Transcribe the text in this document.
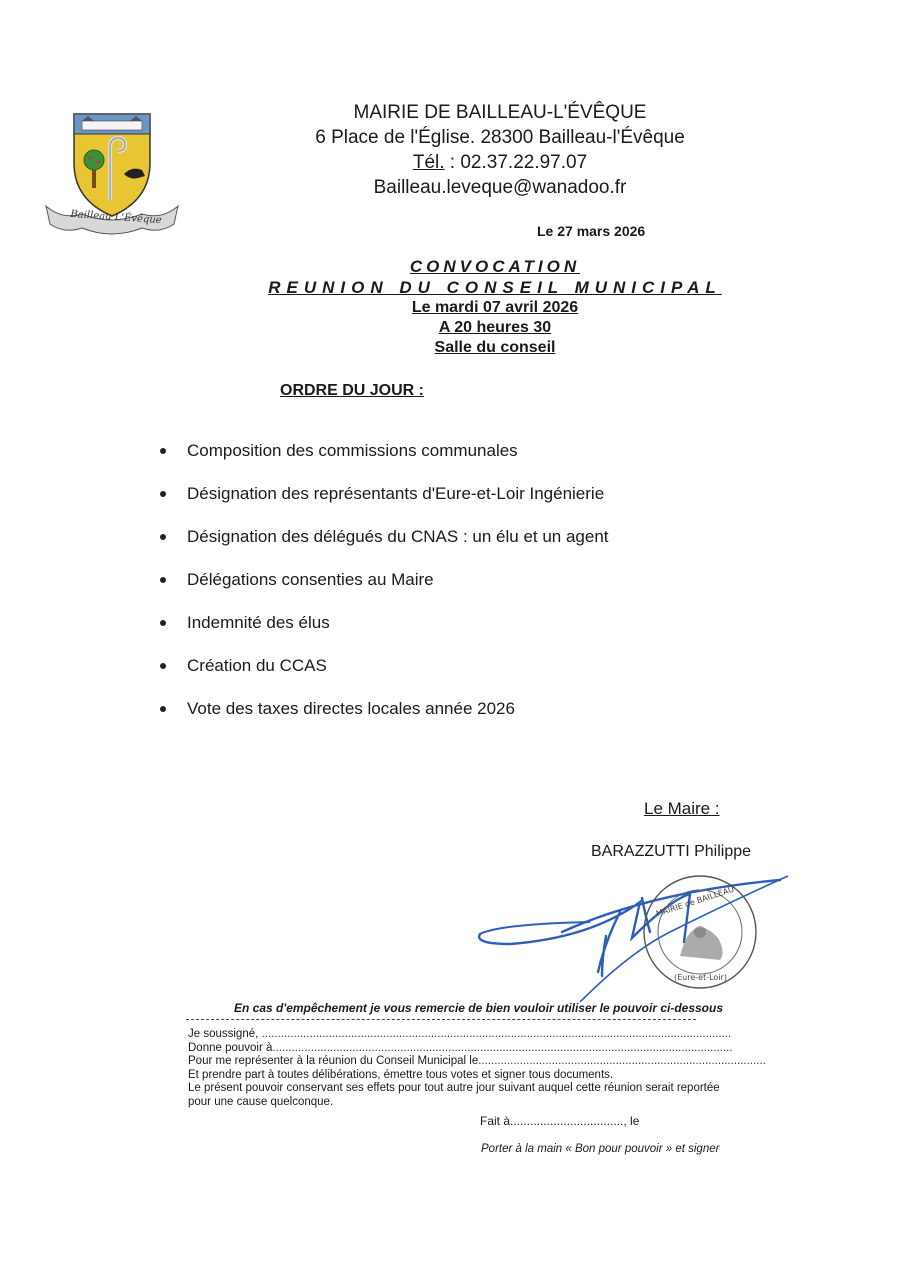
Bailleau L'Évêque
MAIRIE DE BAILLEAU-L'ÉVÊQUE
6 Place de l'Église. 28300 Bailleau-l'Évêque
Tél. : 02.37.22.97.07
Bailleau.leveque@wanadoo.fr
Le 27 mars 2026
CONVOCATION
REUNION DU CONSEIL MUNICIPAL
Le mardi 07 avril 2026
A 20 heures 30
Salle du conseil
ORDRE DU JOUR :
Composition des commissions communales
Désignation des représentants d'Eure-et-Loir Ingénierie
Désignation des délégués du CNAS : un élu et un agent
Délégations consenties au Maire
Indemnité des élus
Création du CCAS
Vote des taxes directes locales année 2026
Le Maire :
BARAZZUTTI Philippe
MAIRIE de BAILLEAU
(Eure-et-Loir)
En cas d'empêchement je vous remercie de bien vouloir utiliser le pouvoir ci-dessous
Je soussigné, ...................................................................................................................................................
Donne pouvoir à................................................................................................................................................
Pour me représenter à la réunion du Conseil Municipal le..........................................................................................
Et prendre part à toutes délibérations, émettre tous votes et signer tous documents.
Le présent pouvoir conservant ses effets pour tout autre jour suivant auquel cette réunion serait reportée
pour une cause quelconque.
Fait à.................................., le
Porter à la main « Bon pour pouvoir » et signer
